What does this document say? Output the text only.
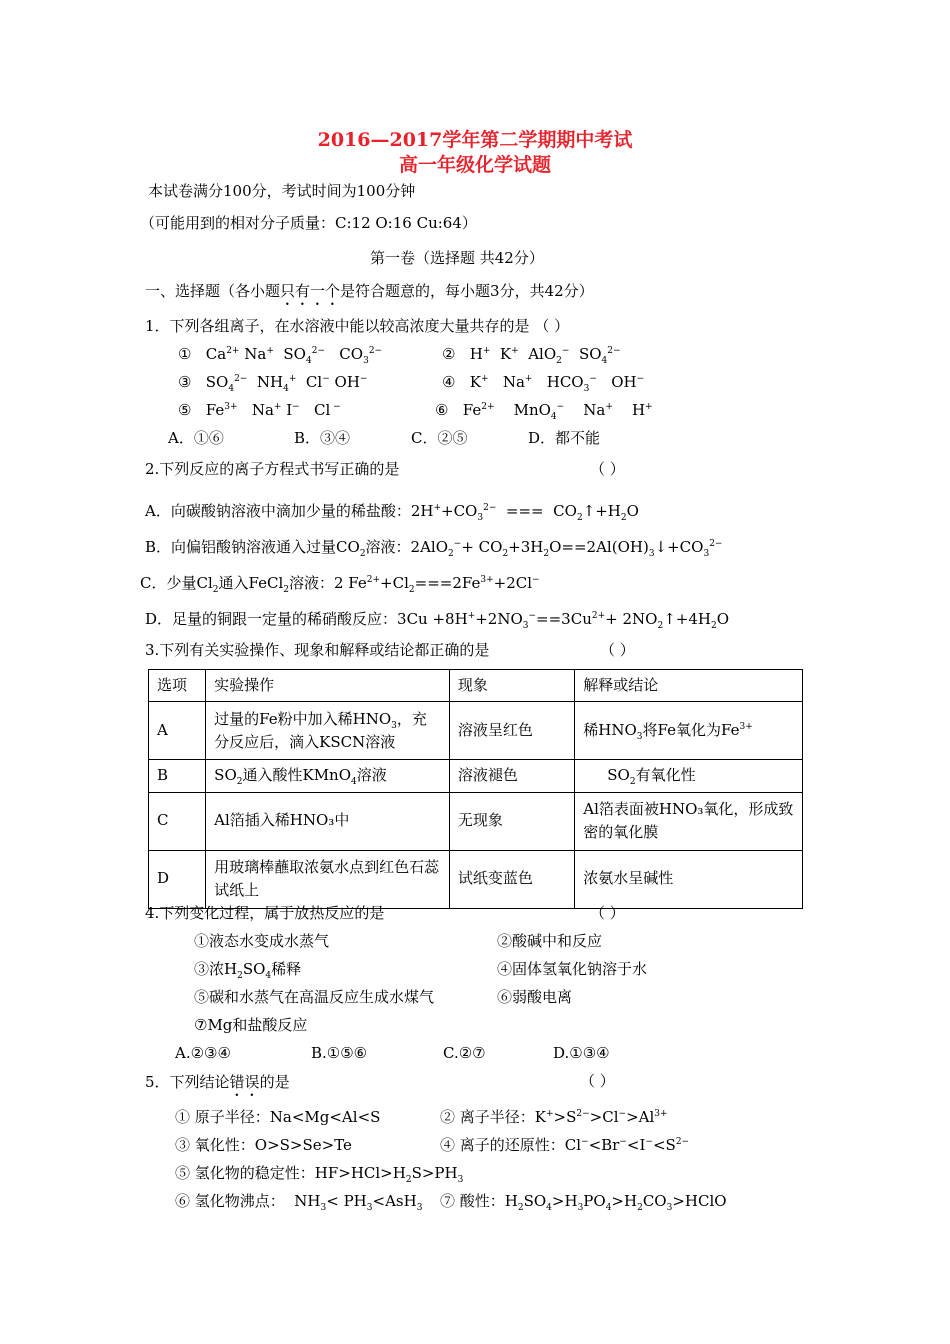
2016—2017学年第二学期期中考试
高一年级化学试题
本试卷满分100分，考试时间为100分钟
（可能用到的相对分子质量：C:12 O:16 Cu:64）
第一卷（选择题 共42分）
一、选择题（各小题只有一个是符合题意的，每小题3分，共42分）
1．下列各组离子，在水溶液中能以较高浓度大量共存的是 （ ）
①   $Ca^{2+}$ Na+  $SO_4^{2-}$   $CO_3^{2-}$	②   H+  K+  AlO$_2$−  $SO_4^{2-}$
③   $SO_4^{2-}$  $NH_4^+$  Cl− OH−	④   K+   Na+   $HCO_3^-$   OH−
⑤   $Fe^{3+}$   Na+ I−   Cl −	⑥   $Fe^{2+}$    MnO$_4$−    Na+    H+
A．①⑥	B．③④	C．②⑤	D．都不能
2.下列反应的离子方程式书写正确的是	（ ）
A．向碳酸钠溶液中滴加少量的稀盐酸：$2H^++CO_3^{2-}$  ===  $CO_2↑+H_2O$
B．向偏铝酸钠溶液通入过量$CO_2$溶液：$2AlO_2^-+ CO_2+3H_2O==2Al(OH)_3↓+CO_3^{2-}$
C．少量$Cl_2$通入FeCl$_2$溶液：2 $Fe^{2+}+Cl_2===2Fe^{3+}+2Cl^-$
D．足量的铜跟一定量的稀硝酸反应：$3Cu +8H^++2NO_3^-==3Cu^{2+}+$ $2NO_2↑+4H_2O$
3.下列有关实验操作、现象和解释或结论都正确的是	（ ）
选项	实验操作	现象	解释或结论
A	过量的Fe粉中加入稀$HNO_3$，充分反应后，滴入KSCN溶液	溶液呈红色	稀$HNO_3$将Fe氧化为$Fe^{3+}$
B	$SO_2$通入酸性KMnO$_4$溶液	溶液褪色	$SO_2$有氧化性
C	Al箔插入稀HNO₃中	无现象	Al箔表面被HNO₃氧化，形成致密的氧化膜
D	用玻璃棒蘸取浓氨水点到红色石蕊试纸上	试纸变蓝色	浓氨水呈碱性
4.下列变化过程，属于放热反应的是	（ ）
①液态水变成水蒸气	②酸碱中和反应
③浓$H_2SO_4$稀释	④固体氢氧化钠溶于水
⑤碳和水蒸气在高温反应生成水煤气	⑥弱酸电离
⑦Mg和盐酸反应
A.②③④	B.①⑤⑥	C.②⑦	D.①③④
5．下列结论错误的是	（ ）
① 原子半径：Na<Mg<Al<S	② 离子半径：$K^+>S^{2-}>Cl^->Al^{3+}$
③ 氧化性：O>S>Se>Te	④ 离子的还原性：$Cl^-<Br^-<I^-<S^{2-}$
⑤ 氢化物的稳定性：$HF>HCl>H_2S>PH_3$
⑥ 氢化物沸点：  $NH_3< PH_3<AsH_3$ ⑦ 酸性：$H_2SO_4>H_3PO_4>H_2CO_3>HClO$
